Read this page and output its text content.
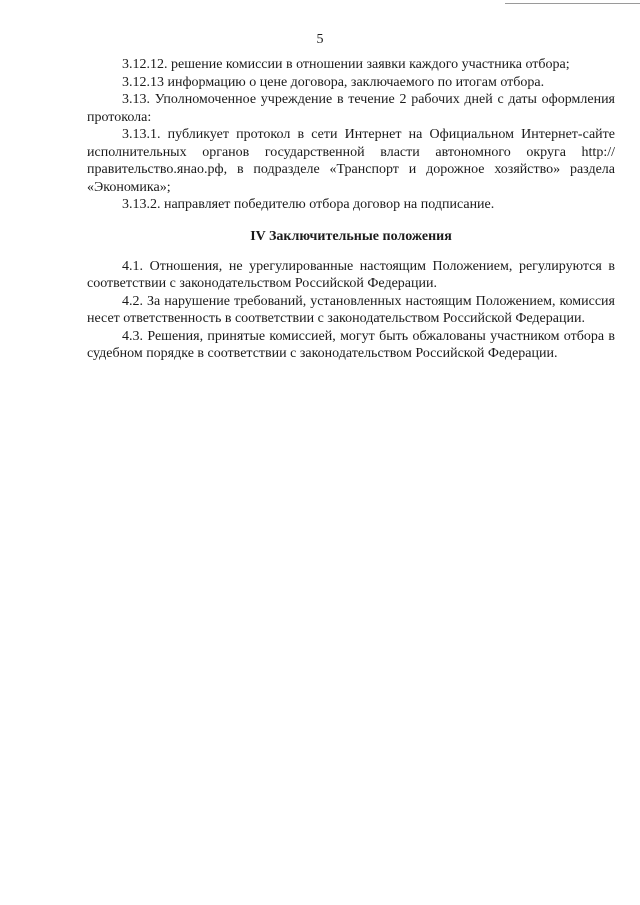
5

3.12.12. решение комиссии в отношении заявки каждого участника отбора;

3.12.13 информацию о цене договора, заключаемого по итогам отбора.

3.13. Уполномоченное учреждение в течение 2 рабочих дней с даты оформления протокола:

3.13.1. публикует протокол в сети Интернет на Официальном Интернет-сайте исполнительных органов государственной власти автономного округа http://правительство.янао.рф, в подразделе «Транспорт и дорожное хозяйство» раздела «Экономика»;

3.13.2. направляет победителю отбора договор на подписание.

IV Заключительные положения

4.1. Отношения, не урегулированные настоящим Положением, регулируются в соответствии с законодательством Российской Федерации.

4.2. За нарушение требований, установленных настоящим Положением, комиссия несет ответственность в соответствии с законодательством Российской Федерации.

4.3. Решения, принятые комиссией, могут быть обжалованы участником отбора в судебном порядке в соответствии с законодательством Российской Федерации.
